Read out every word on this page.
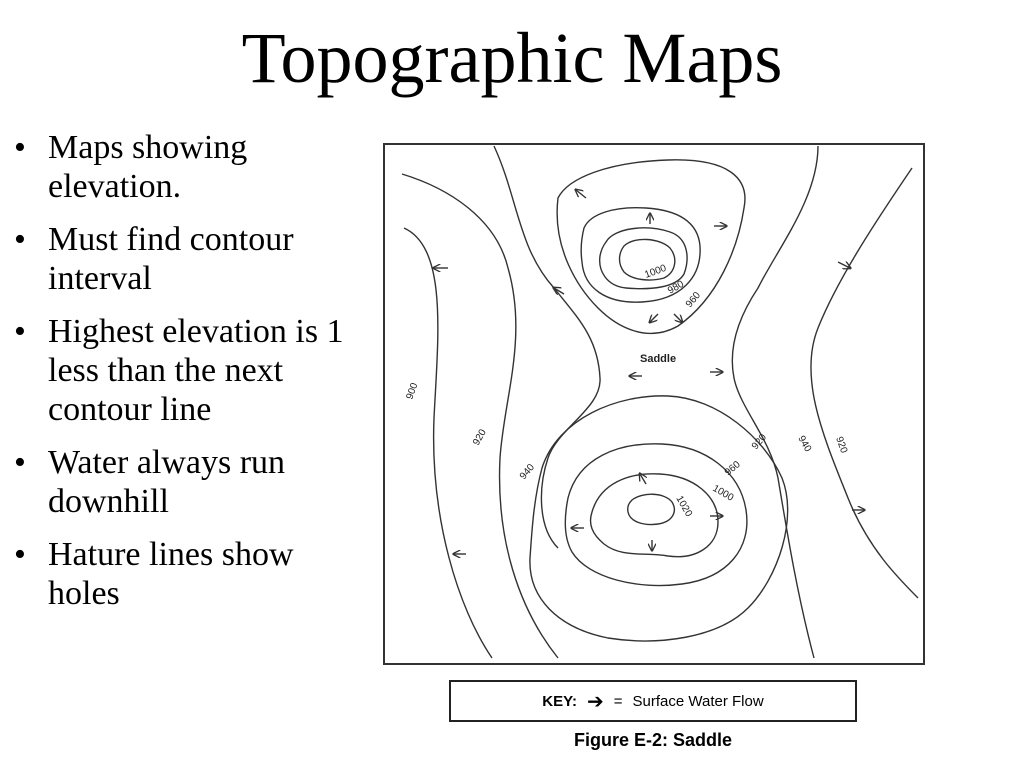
Topographic Maps
• Maps showing elevation.
• Must find contour interval
• Highest elevation is 1 less than the next contour line
• Water always run downhill
• Hature lines show holes
Saddle
900
920
940
1000
980
960
920
940
920
960
1000
1020
KEY: ➔ = Surface Water Flow
Figure E-2: Saddle
